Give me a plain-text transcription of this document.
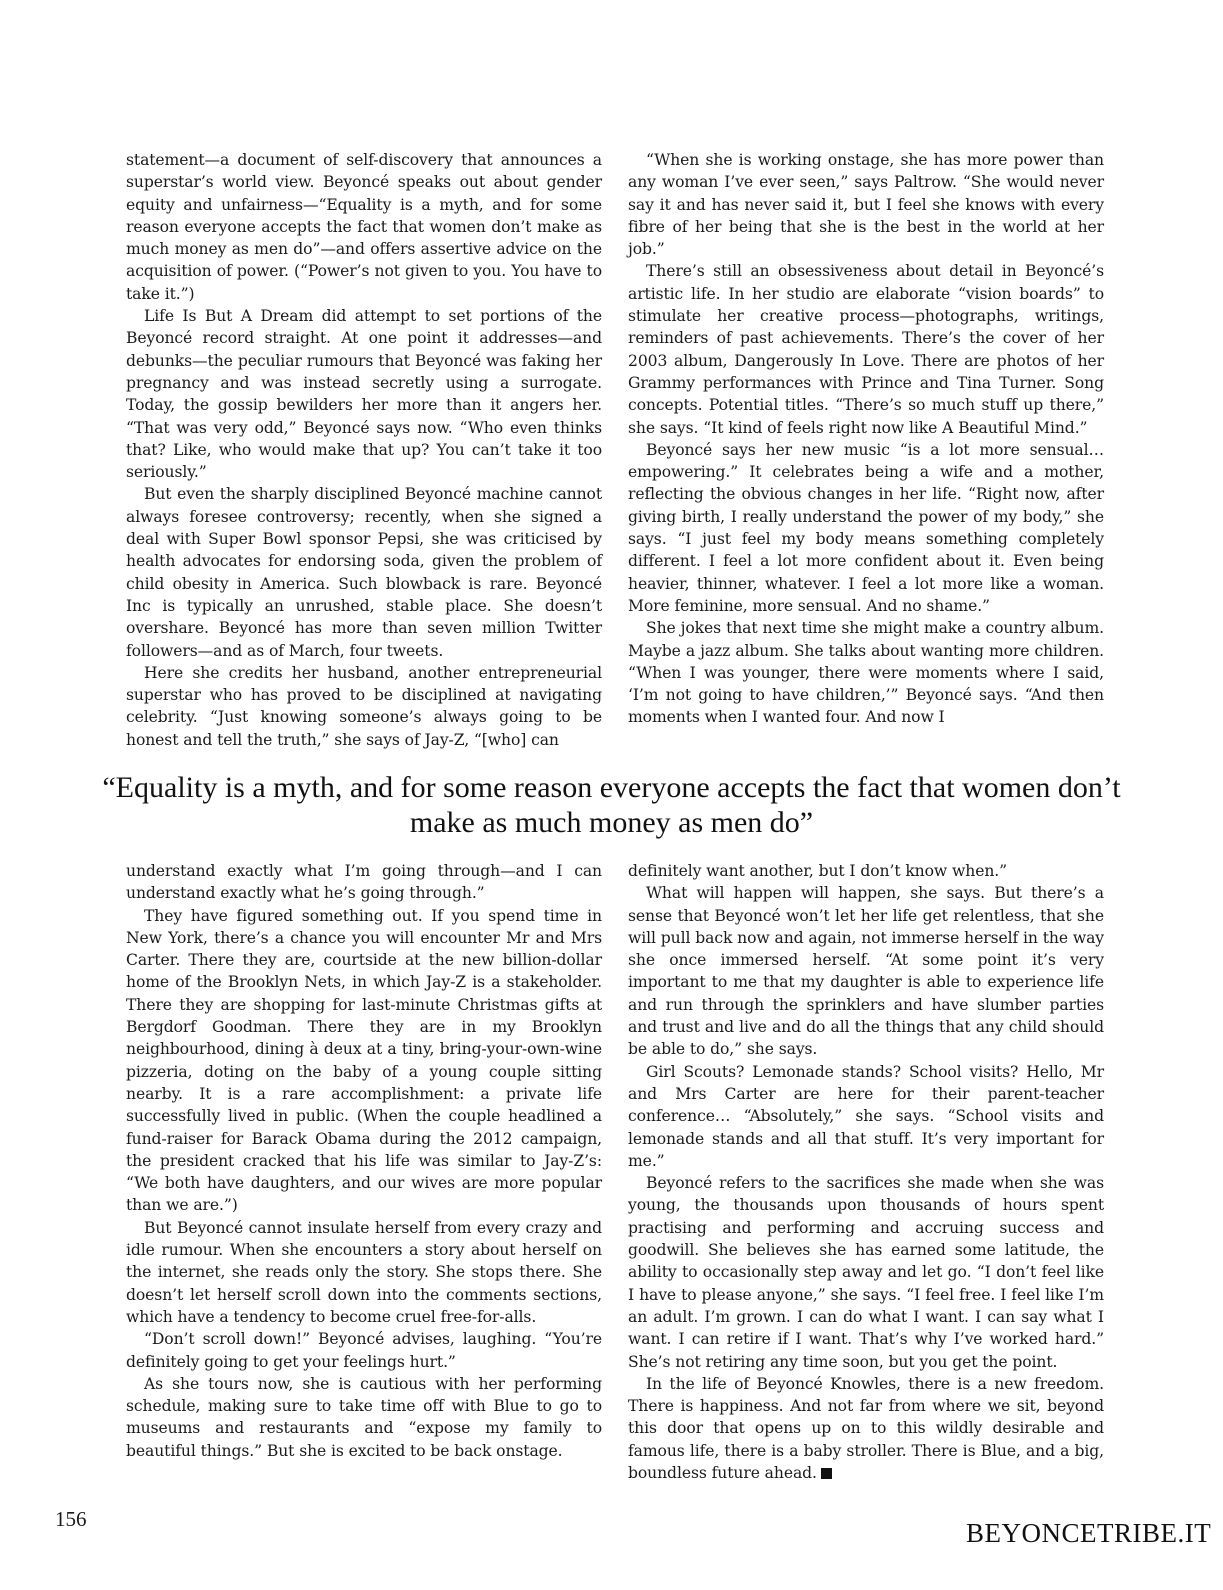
statement—a document of self-discovery that announces a superstar’s world view. Beyoncé speaks out about gender equity and unfairness—“Equality is a myth, and for some reason everyone accepts the fact that women don’t make as much money as men do”—and offers assertive advice on the acquisition of power. (“Power’s not given to you. You have to take it.”)

Life Is But A Dream did attempt to set portions of the Beyoncé record straight. At one point it addresses—and debunks—the peculiar rumours that Beyoncé was faking her pregnancy and was instead secretly using a surrogate. Today, the gossip bewilders her more than it angers her. “That was very odd,” Beyoncé says now. “Who even thinks that? Like, who would make that up? You can’t take it too seriously.”

But even the sharply disciplined Beyoncé machine cannot always foresee controversy; recently, when she signed a deal with Super Bowl sponsor Pepsi, she was criticised by health advocates for endorsing soda, given the problem of child obesity in America. Such blowback is rare. Beyoncé Inc is typically an unrushed, stable place. She doesn’t overshare. Beyoncé has more than seven million Twitter followers—and as of March, four tweets.

Here she credits her husband, another entrepreneurial superstar who has proved to be disciplined at navigating celebrity. “Just knowing someone’s always going to be honest and tell the truth,” she says of Jay-Z, “[who] can

“When she is working onstage, she has more power than any woman I’ve ever seen,” says Paltrow. “She would never say it and has never said it, but I feel she knows with every fibre of her being that she is the best in the world at her job.”

There’s still an obsessiveness about detail in Beyoncé’s artistic life. In her studio are elaborate “vision boards” to stimulate her creative process—photographs, writings, reminders of past achievements. There’s the cover of her 2003 album, Dangerously In Love. There are photos of her Grammy performances with Prince and Tina Turner. Song concepts. Potential titles. “There’s so much stuff up there,” she says. “It kind of feels right now like A Beautiful Mind.”

Beyoncé says her new music “is a lot more sensual… empowering.” It celebrates being a wife and a mother, reflecting the obvious changes in her life. “Right now, after giving birth, I really understand the power of my body,” she says. “I just feel my body means something completely different. I feel a lot more confident about it. Even being heavier, thinner, whatever. I feel a lot more like a woman. More feminine, more sensual. And no shame.”

She jokes that next time she might make a country album. Maybe a jazz album. She talks about wanting more children. “When I was younger, there were moments where I said, ‘I’m not going to have children,’” Beyoncé says. “And then moments when I wanted four. And now I

“Equality is a myth, and for some reason everyone accepts the fact that women don’t make as much money as men do”

understand exactly what I’m going through—and I can understand exactly what he’s going through.”

They have figured something out. If you spend time in New York, there’s a chance you will encounter Mr and Mrs Carter. There they are, courtside at the new billion-dollar home of the Brooklyn Nets, in which Jay-Z is a stakeholder. There they are shopping for last-minute Christmas gifts at Bergdorf Goodman. There they are in my Brooklyn neighbourhood, dining à deux at a tiny, bring-your-own-wine pizzeria, doting on the baby of a young couple sitting nearby. It is a rare accomplishment: a private life successfully lived in public. (When the couple headlined a fund-raiser for Barack Obama during the 2012 campaign, the president cracked that his life was similar to Jay-Z’s: “We both have daughters, and our wives are more popular than we are.”)

But Beyoncé cannot insulate herself from every crazy and idle rumour. When she encounters a story about herself on the internet, she reads only the story. She stops there. She doesn’t let herself scroll down into the comments sections, which have a tendency to become cruel free-for-alls.

“Don’t scroll down!” Beyoncé advises, laughing. “You’re definitely going to get your feelings hurt.”

As she tours now, she is cautious with her performing schedule, making sure to take time off with Blue to go to museums and restaurants and “expose my family to beautiful things.” But she is excited to be back onstage.

definitely want another, but I don’t know when.”

What will happen will happen, she says. But there’s a sense that Beyoncé won’t let her life get relentless, that she will pull back now and again, not immerse herself in the way she once immersed herself. “At some point it’s very important to me that my daughter is able to experience life and run through the sprinklers and have slumber parties and trust and live and do all the things that any child should be able to do,” she says.

Girl Scouts? Lemonade stands? School visits? Hello, Mr and Mrs Carter are here for their parent-teacher conference… “Absolutely,” she says. “School visits and lemonade stands and all that stuff. It’s very important for me.”

Beyoncé refers to the sacrifices she made when she was young, the thousands upon thousands of hours spent practising and performing and accruing success and goodwill. She believes she has earned some latitude, the ability to occasionally step away and let go. “I don’t feel like I have to please anyone,” she says. “I feel free. I feel like I’m an adult. I’m grown. I can do what I want. I can say what I want. I can retire if I want. That’s why I’ve worked hard.” She’s not retiring any time soon, but you get the point.

In the life of Beyoncé Knowles, there is a new freedom. There is happiness. And not far from where we sit, beyond this door that opens up on to this wildly desirable and famous life, there is a baby stroller. There is Blue, and a big, boundless future ahead.

156	BEYONCETRIBE.IT
